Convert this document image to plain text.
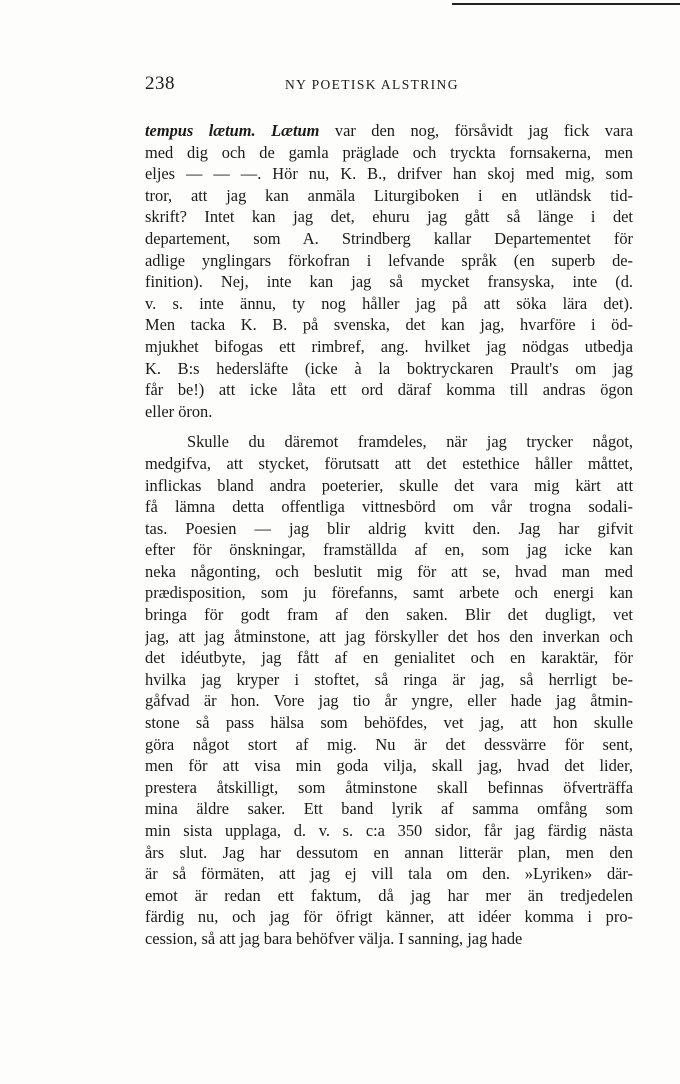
238	NY POETISK ALSTRING
tempus lætum. Lætum var den nog, försåvidt jag fick vara
med dig och de gamla präglade och tryckta fornsakerna, men
eljes — — —. Hör nu, K. B., drifver han skoj med mig, som
tror, att jag kan anmäla Liturgiboken i en utländsk tid-
skrift? Intet kan jag det, ehuru jag gått så länge i det
departement, som A. Strindberg kallar Departementet för
adlige ynglingars förkofran i lefvande språk (en superb de-
finition). Nej, inte kan jag så mycket fransyska, inte (d.
v. s. inte ännu, ty nog håller jag på att söka lära det).
Men tacka K. B. på svenska, det kan jag, hvarföre i öd-
mjukhet bifogas ett rimbref, ang. hvilket jag nödgas utbedja
K. B:s hedersläfte (icke à la boktryckaren Prault's om jag
får be!) att icke låta ett ord däraf komma till andras ögon
eller öron.
Skulle du däremot framdeles, när jag trycker något,
medgifva, att stycket, förutsatt att det estethice håller måttet,
inflickas bland andra poeterier, skulle det vara mig kärt att
få lämna detta offentliga vittnesbörd om vår trogna sodali-
tas. Poesien — jag blir aldrig kvitt den. Jag har gifvit
efter för önskningar, framställda af en, som jag icke kan
neka någonting, och beslutit mig för att se, hvad man med
prædisposition, som ju förefanns, samt arbete och energi kan
bringa för godt fram af den saken. Blir det dugligt, vet
jag, att jag åtminstone, att jag förskyller det hos den inverkan och
det idéutbyte, jag fått af en genialitet och en karaktär, för
hvilka jag kryper i stoftet, så ringa är jag, så herrligt be-
gåfvad är hon. Vore jag tio år yngre, eller hade jag åtmin-
stone så pass hälsa som behöfdes, vet jag, att hon skulle
göra något stort af mig. Nu är det dessvärre för sent,
men för att visa min goda vilja, skall jag, hvad det lider,
prestera åtskilligt, som åtminstone skall befinnas öfverträffa
mina äldre saker. Ett band lyrik af samma omfång som
min sista upplaga, d. v. s. c:a 350 sidor, får jag färdig nästa
års slut. Jag har dessutom en annan litterär plan, men den
är så förmäten, att jag ej vill tala om den. »Lyriken» där-
emot är redan ett faktum, då jag har mer än tredjedelen
färdig nu, och jag för öfrigt känner, att idéer komma i pro-
cession, så att jag bara behöfver välja. I sanning, jag hade
